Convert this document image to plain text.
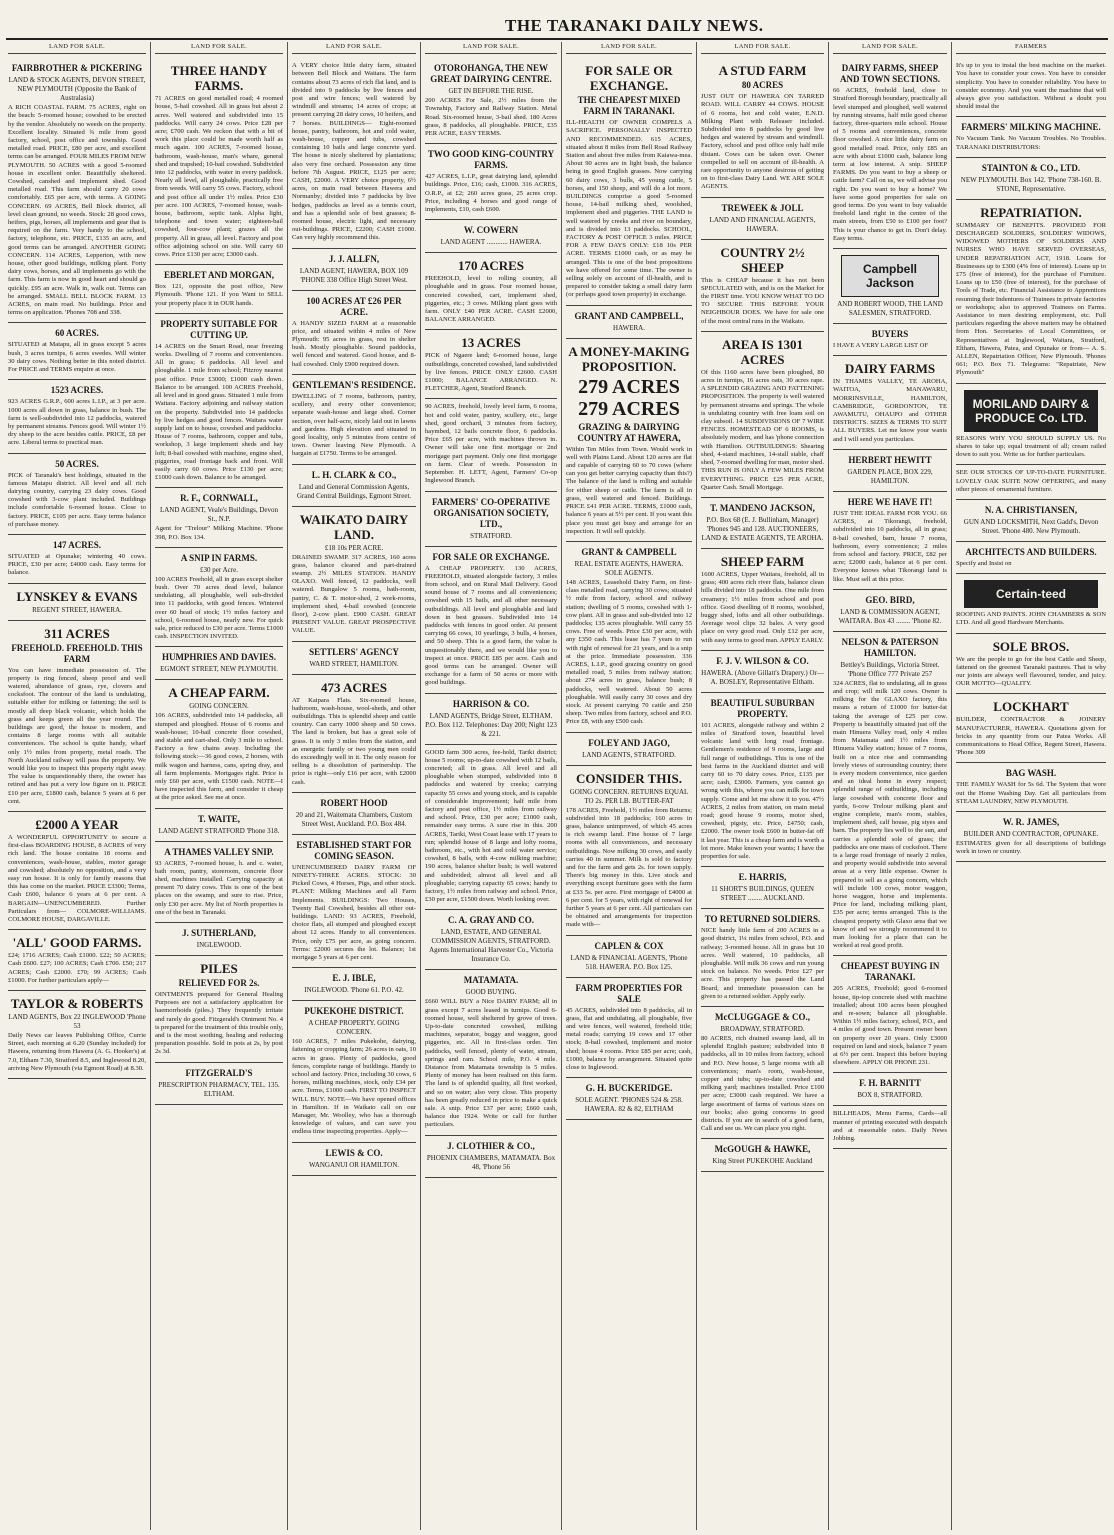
THE TARANAKI DAILY NEWS.
LAND FOR SALE.
FAIRBROTHER & PICKERING
LAND & STOCK AGENTS, DEVON STREET, NEW PLYMOUTH (Opposite the Bank of Australasia)

A RICH COASTAL FARM. 75 ACRES, right on the beach: 5-roomed house; cowshed to be erected by the vendor. Absolutely no weeds on the property. Excellent locality. Situated ¾ mile from good factory, school, post office and township. Good metalled road. PRICE, £80 per acre, and excellent terms can be arranged. FOUR MILES FROM NEW PLYMOUTH. 50 ACRES with a good 5-roomed house in excellent order. Beautifully sheltered. Cowshed, canshed and implement shed. Good metalled road. This farm should carry 20 cows comfortably. £65 per acre, with terms. A GOING CONCERN. 69 ACRES, Bell Block district, all level clean ground, no weeds. Stock: 28 good cows, heifers, pigs, horses, all implements and gear that is required on the farm. Very handy to the school, factory, telephone, etc. PRICE, £135 an acre, and good terms can be arranged. ANOTHER GOING CONCERN. 114 ACRES, Lepperton, with new house, other good buildings, milking plant. Forty dairy cows, horses, and all implements go with the farm. This farm is now in good heart and should go quickly. £95 an acre. Walk in, walk out. Terms can be arranged. SMALL BELL BLOCK FARM. 13 ACRES, on main road. No buildings. Price and terms on application. 'Phones 708 and 338.

60 ACRES.

SITUATED at Matapu, all in grass except 5 acres bush, 3 acres turnips, 6 acres swedes. Will winter 30 dairy cows. Nothing better in this noted district. For PRICE and TERMS enquire at once.

1523 ACRES.

923 ACRES G.R.P., 600 acres L.I.P., at 3 per acre. 1000 acres all down in grass, balance in bush. The farm is well-subdivided into 12 paddocks, watered by permanent streams. Fences good. Will winter 1½ dry sheep to the acre besides cattle. PRICE, £8 per acre. Liberal terms to practical man.

50 ACRES.

PICK of Taranaki's best holdings, situated in the famous Matapu district. All level and all rich dairying country, carrying 23 dairy cows. Good cowshed with 3-cow plant included. Buildings include comfortable 6-roomed house. Close to factory. PRICE, £105 per acre. Easy terms balance of purchase money.

147 ACRES.

SITUATED at Opunake; wintering 40 cows. PRICE, £30 per acre; £4000 cash. Easy terms for balance.

LYNSKEY & EVANS
REGENT STREET, HAWERA.
311 ACRES
FREEHOLD. FREEHOLD. THIS FARM

You can have immediate possession of. The property is ring fenced, sheep proof and well watered, abundance of grass, rye, clovers and cocksfoot. The contour of the land is undulating, suitable either for milking or fattening; the soil is mostly all deep black volcanic, which holds the grass and keeps green all the year round. The buildings are good, the house is modern, and contains 8 large rooms with all suitable conveniences. The school is quite handy, wharf only 1½ miles from property, metal roads. The North Auckland railway will pass the property. We would like you to inspect this property right away. The value is unquestionably there, the owner has retired and has put a very low figure on it. PRICE £10 per acre, £1800 cash, balance 5 years at 6 per cent.

£2000 A YEAR

A WONDERFUL OPPORTUNITY to secure a first-class BOARDING HOUSE, 8 ACRES of very rich land. The house contains 18 rooms and conveniences, wash-house, stables, motor garage and cowshed; absolutely no opposition, and a very easy run house. It is only for family reasons that this has come on the market. PRICE £3300; Terms, Cash £600, balance 6 years at 6 per cent. A BARGAIN—UNENCUMBERED. Further Particulars from— COLMORE-WILLIAMS. COLMORE HOUSE, DARGAVILLE.

'ALL' GOOD FARMS.

£24; 1716 ACRES; Cash £1000. £22; 50 ACRES; Cash £600. £27; 100 ACRES; Cash £700. £50; 217 ACRES; Cash £2000. £70; 99 ACRES; Cash £1000. For further particulars apply—

TAYLOR & ROBERTS
LAND AGENTS, Box 22 INGLEWOOD 'Phone 53

Daily News car leaves Publishing Office, Currie Street, each morning at 6.20 (Sunday included) for Hawera, returning from Hawera (A. G. Hooker's) at 7.0, Eltham 7.30, Stratford 8.5, and Inglewood 8.20, arriving New Plymouth (via Egmont Road) at 8.30.

LAND FOR SALE.
THREE HANDY FARMS.

71 ACRES on good metalled road; 4 roomed house, 5-bail cowshed. All in grass but about 2 acres. Well watered and subdivided into 15 paddocks. Will carry 24 cows. Price £28 per acre; £700 cash. We reckon that with a bit of work this place could be made worth half as much again. 100 ACRES, 7-roomed house, bathroom, wash-house, man's whare, general shed and trapshed; 10-bail cowshed. Subdivided into 12 paddocks, with water in every paddock. Nearly all level, all ploughable, practically free from weeds. Will carry 55 cows. Factory, school and post office all under 1½ miles. Price £30 per acre. 100 ACRES, 7-roomed house, wash-house, bathroom, septic tank. Alpha light, telephone and town water; eighteen-bail cowshed, four-cow plant; grazes all the property. All in grass, all level. Factory and post office adjoining school on site. Will carry 60 cows. Price £130 per acre; £3000 cash.

EBERLET AND MORGAN,

Box 121, opposite the post office, New Plymouth. 'Phone 121. If you Want to SELL your property place it in OUR hands.

PROPERTY SUITABLE FOR CUTTING UP.

14 ACRES on the Smart Road, near freezing works. Dwelling of 7 rooms and conveniences. All in grass; 6 paddocks. All level and ploughable. 1 mile from school; Fitzroy nearest post office. Price £3000; £1000 cash down. Balance to be arranged. 100 ACRES Freehold, all level and in good grass. Situated 1 mile from Waitara. Factory adjoining and railway station on the property. Subdivided into 14 paddocks by live hedges and good fences. Waitara water supply laid on to house, cowshed and paddocks. House of 7 rooms, bathroom, copper and tubs, workshop, 3 large implement sheds and hay loft; 8-bail cowshed with machine, engine shed, piggeries, road frontage back and front. Will easily carry 60 cows. Price £130 per acre; £1000 cash down. Balance to be arranged.

R. F., CORNWALL,
LAND AGENT, Veale's Buildings, Devon St., N.P.

Agent for "Trelour" Milking Machine. 'Phone 398, P.O. Box 134.

A SNIP IN FARMS.
£30 per Acre.

100 ACRES Freehold, all in grass except shelter bush. Over 70 acres dead level, balance undulating, all ploughable, well sub-divided into 11 paddocks, with good fences. Wintered over 60 head of stock; 1½ miles factory and school, 6-roomed house, nearly new. For quick sale, price reduced to £30 per acre. Terms £1000 cash. INSPECTION INVITED.

HUMPHRIES AND DAVIES.
EGMONT STREET, NEW PLYMOUTH.
A CHEAP FARM.
GOING CONCERN.

106 ACRES, subdivided into 14 paddocks, all stumped and ploughed. House of 6 rooms and wash-house; 10-bail concrete floor cowshed, and stable and cart-shed. Only 3 mile to school. Factory a few chains away. Including the following stock:—36 good cows, 2 horses, with milk wagon and harness, cans, spring dray, and all farm implements. Mortgages right. Price is only £60 per acre, with £1500 cash. NOTE—I have inspected this farm, and consider it cheap at the price asked. See me at once.

T. WAITE,
LAND AGENT STRATFORD 'Phone 318.
A THAMES VALLEY SNIP.

93 ACRES, 7-roomed house, h. and c. water, bath room, pantry, storeroom, concrete floor shed, machines installed. Carrying capacity at present 70 dairy cows. This is one of the best places on the swamp, and sure to rise. Price, only £30 per acre. My list of North properties is one of the best in Taranaki.

J. SUTHERLAND,
INGLEWOOD.
PILES
RELIEVED FOR 2s.

OINTMENTS prepared for General Healing Purposes are not a satisfactory application for haemorrhoids (piles.) They frequently irritate and rarely do good. Fitzgerald's Ointment No. 4 is prepared for the treatment of this trouble only, and is the most soothing, healing and reducing preparation possible. Sold in pots at 2s, by post 2s 3d.

FITZGERALD'S
PRESCRIPTION PHARMACY, TEL. 135. ELTHAM.
LAND FOR SALE.

A VERY choice little dairy farm, situated between Bell Block and Waitara. The farm contains about 73 acres of rich flat land, and is divided into 9 paddocks by live fences and post and wire fences; well watered by windmill and streams; 14 acres of crops; at present carrying 28 dairy cows, 10 heifers, and 7 horses. BUILDINGS— Eight-roomed house, pantry, bathroom, hot and cold water, wash-house, copper and tubs, cowshed containing 10 bails and large concrete yard. The house is nicely sheltered by plantations; also very fine orchard. Possession any time before 7th August. PRICE, £125 per acre; CASH, £2000. A VERY choice property, 6½ acres, on main road between Hawera and Normanby; divided into 7 paddocks by live hedges, paddocks as level as a tennis court, and has a splendid sole of best grasses; 8-roomed house, electric light, and necessary out-buildings. PRICE, £2200; CASH £1000. Can very highly recommend this.

J. J. ALLFN,
LAND AGENT, HAWERA, BOX 109 'PHONE 338 Office High Street West.
100 ACRES AT £26 PER ACRE.

A HANDY SIZED FARM at a reasonable price, and situated within 4 miles of New Plymouth: 95 acres in grass, rest in shelter bush. Mostly ploughable. Sound paddocks, well fenced and watered. Good house, and 8-bail cowshed. Only £900 required down.

GENTLEMAN'S RESIDENCE.

DWELLING of 7 rooms, bathroom, pantry, scullery, and every other convenience; separate wash-house and large shed. Corner section, over half-acre, nicely laid out in lawns and gardens. High elevation and situated in good locality, only 5 minutes from centre of town. Owner leaving New Plymouth. A bargain at £1750. Terms to be arranged.

L. H. CLARK & CO.,
Land and General Commission Agents, Grand Central Buildings, Egmont Street.
WAIKATO DAIRY LAND.
£18 10s PER ACRE.

DRAINED SWAMP. 317 ACRES, 160 acres grass, balance cleared and part-drained swamp. 2½ MILES STATION. HANDY OLAXO. Well fenced, 12 paddocks, well watered. Bungalow 5 rooms, bath-room, pantry, C. & T. motor-shed, 2 work-rooms, implement shed, 4-bail cowshed (concrete floor), 2-cow plant. £900 CASH. GREAT PRESENT VALUE. GREAT PROSPECTIVE VALUE.

SETTLERS' AGENCY
WARD STREET, HAMILTON.
473 ACRES

AT Kaipara Flats. Six-roomed house, bathroom, wash-house, wool-sheds, and other outbuildings. This is splendid sheep and cattle country. Can carry 1000 sheep and 50 cows. The land is broken, but has a great sole of grass. It is only 3 miles from the station, and an energetic family or two young men could do exceedingly well in it. The only reason for selling is a dissolution of partnership. The price is right—only £16 per acre, with £2000 cash.

ROBERT HOOD
20 and 21, Waitemata Chambers, Custom Street West, Auckland. P.O. Box 484.
ESTABLISHED START FOR COMING SEASON.

UNENCUMBERED DAIRY FARM OF NINETY-THREE ACRES. STOCK: 30 Picked Cows, 4 Horses, Pigs, and other stock. PLANT: Milking Machines and all Farm Implements. BUILDINGS: Two Houses, Twenty Bail Cowshed, besides all other out-buildings. LAND: 93 ACRES, Freehold, choice flats, all stumped and ploughed except about 12 acres. Handy to all conveniences. Price, only £75 per acre, as going concern. Terms: £2000 secures the lot. Balance; 1st mortgage 5 years at 6 per cent.

E. J. IBLE,
INGLEWOOD. 'Phone 61. P.O. 42.
PUKEKOHE DISTRICT.
A CHEAP PROPERTY. GOING CONCERN.

160 ACRES, 7 miles Pukekohe, dairying, fattening or cropping farm; 26 acres in oats, 10 acres in grass. Plenty of paddocks, good fences, complete range of buildings. Handy to school and factory. Price, including 30 cows, 6 horses, milking machines, stock, only £34 per acre. Terms, £1000 cash. FIRST TO INSPECT WILL BUY. NOTE—We have opened offices in Hamilton. If in Waikato call on our Manager, Mr. Woolley, who has a thorough knowledge of values, and can save you endless time inspecting properties. Apply—

LEWIS & CO.
WANGANUI OR HAMILTON.
LAND FOR SALE.
OTOROHANGA, THE NEW GREAT DAIRYING CENTRE.
GET IN BEFORE THE RISE.

200 ACRES For Sale, 2½ miles from the Township, Factory and Railway Station. Metal Road. Six-roomed house, 3-bail shed. 180 Acres grass, 8 paddocks, all ploughable. PRICE, £35 PER ACRE, EASY TERMS.

TWO GOOD KING-COUNTRY FARMS.

427 ACRES, L.I.P., great dairying land, splendid buildings. Price, £16; cash, £1000. 316 ACRES, O.R.P., at £2; 260 acres grass, 25 acres crop. Price, including 4 horses and good range of implements, £10, cash £600.

W. COWERN
LAND AGENT ............ HAWERA.
170 ACRES

FREEHOLD, level to rolling country, all ploughable and in grass. Four roomed house, concreted cowshed, cart, implement shed, piggeries, etc.; 3 cows. Milking plant goes with farm. ONLY £40 PER ACRE. CASH £2000, BALANCE ARRANGED.

13 ACRES

PICK of Ngaere land; 6-roomed house, large outbuildings, concreted cowshed, land subdivided by live fences. PRICE ONLY £2600. CASH £1000; BALANCE ARRANGED. N. FLETCHER, Agent, Stratford Branch.

90 ACRES, freehold, lovely level farm, 6 rooms, hot and cold water, pantry, scullery, etc., large shed, good orchard, 3 minutes from factory, haymbed, 12 bails concrete floor, 6 paddocks. Price £65 per acre, with machines thrown in. Owner will take one first mortgage or 2nd mortgage part payment. Only one first mortgage on farm. Clear of weeds. Possession in September. H. LETT, Agent, Farmers' Co-op Inglewood Branch.

FARMERS' CO-OPERATIVE ORGANISATION SOCIETY, LTD.,
STRATFORD.
FOR SALE OR EXCHANGE.

A CHEAP PROPERTY. 130 ACRES, FREEHOLD, situated alongside factory, 3 miles from school, and on Rural Mail Delivery. Good sound house of 7 rooms and all conveniences; cowshed with 15 bails, and all other necessary outbuildings. All level and ploughable and laid down in best grasses. Subdivided into 14 paddocks with fences in good order. At present carrying 66 cows, 10 yearlings, 3 bulls, 4 horses, and 50 sheep. This is a good farm, the value is unquestionably there, and we would like you to inspect at once. PRICE £85 per acre. Cash and good terms can be arranged. Owner will exchange for a farm of 50 acres or more with good buildings.

HARRISON & CO.
LAND AGENTS, Bridge Street, ELTHAM. P.O. Box 112. Telephones: Day 200; Night 123 & 221.

GOOD farm 300 acres, fee-hold, Tariki district; house 5 rooms; up-to-date cowshed with 12 bails, concreted; all in grass. All level and all ploughable when stumped, subdivided into 8 paddocks and watered by creeks; carrying capacity 55 cows and young stock, and is capable of considerable improvement; half mile from factory and post office, 1½ miles from railway and school. Price, £30 per acre; £1000 cash, remainder easy terms. A sure rise in this. 200 ACRES, Tariki, West Coast lease with 17 years to run; splendid house of 8 large and lofty rooms, bathroom, etc., with hot and cold water service; cowshed, 8 bails, with 4-cow milking machine; 190 acres, balance shelter bush; is well watered and subdivided; almost all level and all ploughable; carrying capacity 65 cows; handy to factory, 1½ miles from railway and school. Price, £30 per acre, £1500 down. Worth looking over.

C. A. GRAY AND CO.
LAND, ESTATE, AND GENERAL COMMISSION AGENTS, STRATFORD. Agents International Harvester Co., Victoria Insurance Co.
MATAMATA.
GOOD BUYING.

£660 WILL BUY a Nice DAIRY FARM; all in grass except 7 acres leased in turnips. Good 6-roomed house, well sheltered by grove of trees. Up-to-date concreted cowshed, milking machines, separator, buggy and waggon, good piggeries, etc. All in first-class order. Ten paddocks, well fenced, plenty of water, stream, springs and ram. School mile, P.O. 4 mile. Distance from Matamata township is 5 miles. Plenty of money has been realised on this farm. The land is of splendid quality, all first worked, and so on water; also very close. This property has been greatly reduced in price to make a quick sale. A snip. Price £37 per acre; £660 cash, balance due 1924. Write or call for further particulars.

J. CLOTHIER & CO.,
PHOENIX CHAMBERS, MATAMATA. Box 48, 'Phone 56
LAND FOR SALE.
FOR SALE OR EXCHANGE.
THE CHEAPEST MIXED FARM IN TARANAKI.

ILL-HEALTH OF OWNER COMPELS A SACRIFICE. PERSONALLY INSPECTED AND RECOMMENDED. 615 ACRES, situated about 8 miles from Bell Road Railway Station and about five miles from Kaiawa-mea. About 90 acres are in light bush, the balance being in good English grasses. Now carrying 60 dairy cows, 3 bulls, 45 young cattle, 5 horses, and 150 sheep, and will do a lot more. BUILDINGS comprise a good 5-roomed house, 14-bail milking shed, woolshed, implement shed and piggeries. THE LAND is well watered by creeks and river on boundary, and is divided into 13 paddocks. SCHOOL, FACTORY & POST OFFICE 3 miles. PRICE FOR A FEW DAYS ONLY: £18 10s PER ACRE. TERMS £1000 cash, or as may be arranged. This is one of the best propositions we have offered for some time. The owner is selling solely on account of ill-health, and is prepared to consider taking a small dairy farm (or perhaps good town property) in exchange.

GRANT AND CAMPBELL,
HAWERA.
A MONEY-MAKING PROPOSITION.
279 ACRES 279 ACRES
GRAZING & DAIRYING COUNTRY AT HAWERA,

Within Ten Miles from Town. Would work in well with Plains Land. About 120 acres are flat and capable of carrying 60 to 70 cows (where can you get better carrying capacity than this?) The balance of the land is rolling and suitable for either sheep or cattle. The farm is all in grass, well watered and fenced. Buildings. PRICE £41 PER ACRE. TERMS, £1000 cash, balance 6 years at 5½ per cent. If you want this place you must get busy and arrange for an inspection. It will sell quickly.

GRANT & CAMPBELL
REAL ESTATE AGENTS, HAWERA. SOLE AGENTS.

148 ACRES, Leasehold Dairy Farm, on first-class metalled road, carrying 30 cows; situated ½ mile from factory, school and railway station; dwelling of 5 rooms, cowshed with 1-cow plant. All in grass and sub-divided into 12 paddocks; 135 acres ploughable. Will carry 55 cows. Free of weeds. Price £30 per acre, with any £350 cash. This lease has 7 years to run with right of renewal for 21 years, and is a snip at the price. Immediate possession. 336 ACRES, L.I.P., good grazing country on good metalled road, 5 miles from railway station; about 274 acres in grass, balance bush; 8 paddocks, well watered. About 50 acres ploughable. Will easily carry 30 cows and dry stock. At present carrying 70 cattle and 250 sheep. Two miles from factory, school and P.O. Price £8, with any £500 cash.

FOLEY AND JAGO,
LAND AGENTS, STRATFORD.
CONSIDER THIS.
GOING CONCERN. RETURNS EQUAL TO 2s. PER LB. BUTTER-FAT

178 ACRES, Freehold, 1½ miles from Returns; subdivided into 18 paddocks; 160 acres in grass, balance unimproved, of which 45 acres is rich swamp land. Fine house of 7 large rooms with all conveniences, and necessary outbuildings. Now milking 30 cows, and easily carries 40 in summer. Milk is sold to factory and for the farm and gets 2s. for town supply. There's big money in this. Live stock and everything except furniture goes with the farm at £33 5s. per acre. First mortgage of £4000 at 6 per cent. for 5 years, with right of renewal for further 5 years at 6 per cent. All particulars can be obtained and arrangements for inspection made with—

CAPLEN & COX
LAND & FINANCIAL AGENTS, 'Phone 518. HAWERA. P.O. Box 125.
FARM PROPERTIES FOR SALE

45 ACRES, subdivided into 8 paddocks, all in grass, flat and undulating, all ploughable, five and wire fences, well watered, freehold title; metal roads; carrying 19 cows and 17 other stock; 8-bail cowshed, implement and motor shed; house 4 rooms. Price £85 per acre; cash, £1000, balance by arrangement. Situated quite close to Inglewood.

G. H. BUCKERIDGE.
SOLE AGENT. 'PHONES 524 & 258. HAWERA. 82 & 82, ELTHAM
LAND FOR SALE.
A STUD FARM
80 ACRES

JUST OUT OF HAWERA ON TARRED ROAD. WILL CARRY 44 COWS. HOUSE of 6 rooms, hot and cold water, E.N.D. Milking Plant with Releaser included. Subdivided into 8 paddocks by good live hedges and watered by stream and windmill. Factory, school and post office only half mile distant. Cows can be taken over. Owner compelled to sell on account of ill-health. A rare opportunity to anyone desirous of getting on to first-class Dairy Land. WE ARE SOLE AGENTS.

TREWEEK & JOLL
LAND AND FINANCIAL AGENTS, HAWERA.
COUNTRY 2½ SHEEP

This is CHEAP because it has not been SPECULATED with, and is on the Market for the FIRST time. YOU KNOW WHAT TO DO TO SECURE THIS BEFORE YOUR NEIGHBOUR DOES. We have for sale one of the most central runs in the Waikato.

AREA IS 1301 ACRES

Of this 1160 acres have been ploughed, 80 acres in turnips, 16 acres oats, 30 acres rape. A SPLENDID GRAZING AND FATTENING PROPOSITION. The property is well watered by permanent streams and springs. The whole is undulating country with free loam soil on clay subsoil. 14 SUBDIVISIONS OF 7 WIRE FENCES. HOMESTEAD OF 6 ROOMS, is absolutely modern, and has 'phone connection with Hamilton. OUTBUILDINGS: Shearing shed, 4-stand machines, 14-stall stable, chaff shed, 7-roomed dwelling for man, motor shed. THIS RUN IS ONLY A FEW MILES FROM EVERYTHING. PRICE £25 PER ACRE, Quarter Cash. Small Mortgage.

T. MANDENO JACKSON,
P.O. Box 68 (E. J. Bullinham, Manager) 'Phones 945 and 128. AUCTIONEERS, LAND & ESTATE AGENTS, TE AROHA.
SHEEP FARM

1600 ACRES, Upper Waitara, freehold, all in grass; 400 acres rich river flats, balance clean hills divided into 18 paddocks. One mile from creamery; 1½ miles from school and post office. Good dwelling of 8 rooms, woolshed, buggy shed, lofts and all other outbuildings. Average wool clips 32 bales. A very good place on very good road. Only £12 per acre, with easy terms to good man. APPLY EARLY.

F. J. V. WILSON & CO.
HAWERA. (Above Gillatt's Drapery.) Or— A. BOSLEY, Representative Eltham.
BEAUTIFUL SUBURBAN PROPERTY.

101 ACRES, alongside railway and within 2 miles of Stratford town, beautiful level volcanic land with long road frontage. Gentlemen's residence of 9 rooms, large and full range of outbuildings. This is one of the best farms in the Auckland district and will carry 60 to 70 dairy cows. Price, £135 per acre; cash, £3000. Farmers, you cannot go wrong with this, where you can milk for town supply. Come and let me show it to you. 47½ ACRES, 2 miles from station, on main metal road; good house 9 rooms, motor shed, cowshed, pigsty, etc. Price, £4750; cash, £2000. The owner took £600 in butter-fat off it last year. This is a cheap farm and is worth a lot more. Make known your wants; I have the properties for sale.

E. HARRIS,
11 SHORT'S BUILDINGS, QUEEN STREET ........ AUCKLAND.
TO RETURNED SOLDIERS.

NICE handy little farm of 200 ACRES in a good district, 1¼ miles from school, P.O. and railway; 3-roomed house. All in grass but 10 acres. Well watered, 10 paddocks, all ploughable. Will milk 36 cows and run young stock on balance. No weeds. Price £27 per acre. This property has passed the Land Board, and immediate possession can be given to a returned soldier. Apply early.

McCLUGGAGE & CO.,
BROADWAY, STRATFORD.

80 ACRES, rich drained swamp land, all in splendid English pasture; subdivided into 8 paddocks, all in 10 miles from factory, school and P.O. New house, 5 large rooms with all conveniences; man's room, wash-house, copper and tubs; up-to-date cowshed and milking yard; machines installed. Price £100 per acre; £3000 cash required. We have a large assortment of farms of various sizes on our books; also going concerns in good districts. If you are in search of a good farm, Call and see us. We can place you right.

McGOUGH & HAWKE,
King Street PUKEKOHE Auckland
LAND FOR SALE.
DAIRY FARMS, SHEEP AND TOWN SECTIONS.

66 ACRES, freehold land, close to Stratford Borough boundary, practically all level stumped and ploughed, well watered by running streams, half mile good cheese factory, three-quarters mile school. House of 5 rooms and conveniences, concrete floor cowshed. A nice little dairy farm on good metalled road. Price, only £85 an acre with about £1000 cash, balance long term at low interest. A snip. SHEEP FARMS. Do you want to buy a sheep or cattle farm? Call on us, we will advise you right. Do you want to buy a home? We have some good properties for sale on good terms. Do you want to buy valuable freehold land right in the centre of the main streets, from £50 to £100 per foot? This is your chance to get in. Don't delay. Easy terms.

Campbell Jackson
AND ROBERT WOOD, THE LAND SALESMEN, STRATFORD.
BUYERS

I HAVE A VERY LARGE LIST OF

DAIRY FARMS

IN THAMES VALLEY, TE AROHA, WAITOA, MANAWARU, MORRINSVILLE, HAMILTON, CAMBRIDGE, GORDONTON, TE AWAMUTU, OHAUPO and OTHER DISTRICTS. SIZES & TERMS TO SUIT ALL BUYERS. Let me know your wants and I will send you particulars.

HERBERT HEWITT
GARDEN PLACE, BOX 229, HAMILTON.
HERE WE HAVE IT!

JUST THE IDEAL FARM FOR YOU. 66 ACRES, at Tikorangi, freehold, subdivided into 10 paddocks, all in grass; 8-bail cowshed, barn, house 7 rooms, bathroom, every convenience; 2 miles from school and factory. PRICE, £82 per acre; £2000 cash, balance at 6 per cent. Everyone knows what Tikorangi land is like. Must sell at this price.

GEO. BIRD,
LAND & COMMISSION AGENT, WAITARA. Box 43 ........ 'Phone 82.
NELSON & PATERSON HAMILTON.
Bettley's Buildings, Victoria Street. 'Phone Office 777 Private 257

324 ACRES, flat to undulating, all in grass and crop; will milk 120 cows. Owner is milking for the GLAXO factory, this means a return of £1000 for butter-fat taking the average of £25 per cow. Property is beautifully situated just off the main Hinuera Valley road, only 4 miles from Matamata and 1½ miles from Hinuera Valley station; house of 7 rooms, built on a nice rise and commanding lovely views of surrounding country; there is every modern convenience, nice garden and an ideal home in every respect; splendid range of outbuildings, including large cowshed with concrete floor and yards, 6-cow Trelour milking plant and engine complete, man's room, stables, implement shed, calf house, pig styes and barn. The property lies well to the sun, and carries a splendid sole of grass; the paddocks are one mass of cocksfoot. There is a large road frontage of nearly 2 miles, and property would subdivide into several areas at a very little expense. Owner is prepared to sell as a going concern, which will include 100 cows, motor waggon, horse waggon, horse and implements. Price for land, including milking plant, £35 per acre; terms arranged. This is the cheapest property with Glaxo area that we know of and we strongly recommend it to man looking for a place that can be worked at real good profit.

CHEAPEST BUYING IN TARANAKI.

205 ACRES, Freehold; good 6-roomed house, tip-top concrete shed with machine installed; about 100 acres been ploughed and re-sown; balance all ploughable. Within 1½ miles factory, school, P.O., and 4 miles of good town. Present owner been on property over 20 years. Only £3000 required on land and stock, balance 7 years at 6½ per cent. Inspect this before buying elsewhere. APPLY OR PHONE 231.

F. H. BARNITT
BOX 8, STRATFORD.

BILLHEADS, Menu Farms, Cards—all manner of printing executed with despatch and at reasonable rates. Daily News Jobbing.

FARMERS

It's up to you to instal the best machine on the market. You have to consider your cows. You have to consider simplicity. You have to consider reliability. You have to consider economy. And you want the machine that will always give you satisfaction. Without a doubt you should instal the

FARMERS' MILKING MACHINE.

No Vacuum Tank. No Vacuum Troubles. No Troubles. TARANAKI DISTRIBUTORS:

STAINTON & CO., LTD.
NEW PLYMOUTH. Box 142. 'Phone 738-160. B. STONE, Representative.
REPATRIATION.

SUMMARY OF BENEFITS. PROVIDED FOR DISCHARGED SOLDIERS, SOLDIERS' WIDOWS, WIDOWED MOTHERS OF SOLDIERS AND NURSES WHO HAVE SERVED OVERSEAS, UNDER REPATRIATION ACT, 1918. Loans for Businesses up to £300 (4% free of interest). Loans up to £75 (free of interest), for the purchase of Furniture. Loans up to £50 (free of interest), for the purchase of Tools of Trade, etc. Financial Assistance to Apprentices resuming their Indentures of Trainees in private factories or workshops; also to approved Trainees on Farms. Assistance to men desiring employment, etc. Full particulars regarding the above matters may be obtained from Hon. Secretaries of Local Committees, or Representatives at Inglewood, Waitara, Stratford, Eltham, Hawera, Patea, and Opunake or from— A. S. ALLEN, Repatriation Officer, New Plymouth. 'Phones 661; P.O. Box 71. Telegrams: "Repatriate, New Plymouth"

MORILAND DAIRY & PRODUCE Co. LTD.

REASONS WHY YOU SHOULD SUPPLY US. No shares to take up; equal treatment of all; cream railed down to suit you. Write us for further particulars.

SEE OUR STOCKS OF UP-TO-DATE FURNITURE. LOVELY OAK SUITE NOW OFFERING, and many other pieces of ornamental furniture.

N. A. CHRISTIANSEN,
GUN AND LOCKSMITH, Next Gadd's, Devon Street. 'Phone 480. New Plymouth.
ARCHITECTS AND BUILDERS.

Specify and Insist on

Certain-teed

ROOFING AND PAINTS. JOHN CHAMBERS & SON LTD. And all good Hardware Merchants.

SOLE BROS.

We are the people to go for the best Cattle and Sheep, fattened on the greenest Taranaki pastures. That is why our joints are always well flavoured, tender, and juicy. OUR MOTTO—QUALITY.

LOCKHART

BUILDER, CONTRACTOR & JOINERY MANUFACTURER, HAWERA. Quotations given for bricks in any quantity from our Patea Works. All communications to Head Office, Regent Street, Hawera. 'Phone 309

BAG WASH.

THE FAMILY WASH for 5s 6d. The System that wore out the Home Washing Day. Get all particulars from STEAM LAUNDRY, NEW PLYMOUTH.

W. R. JAMES,
BUILDER AND CONTRACTOR, OPUNAKE.

ESTIMATES given for all descriptions of buildings work in town or country.
